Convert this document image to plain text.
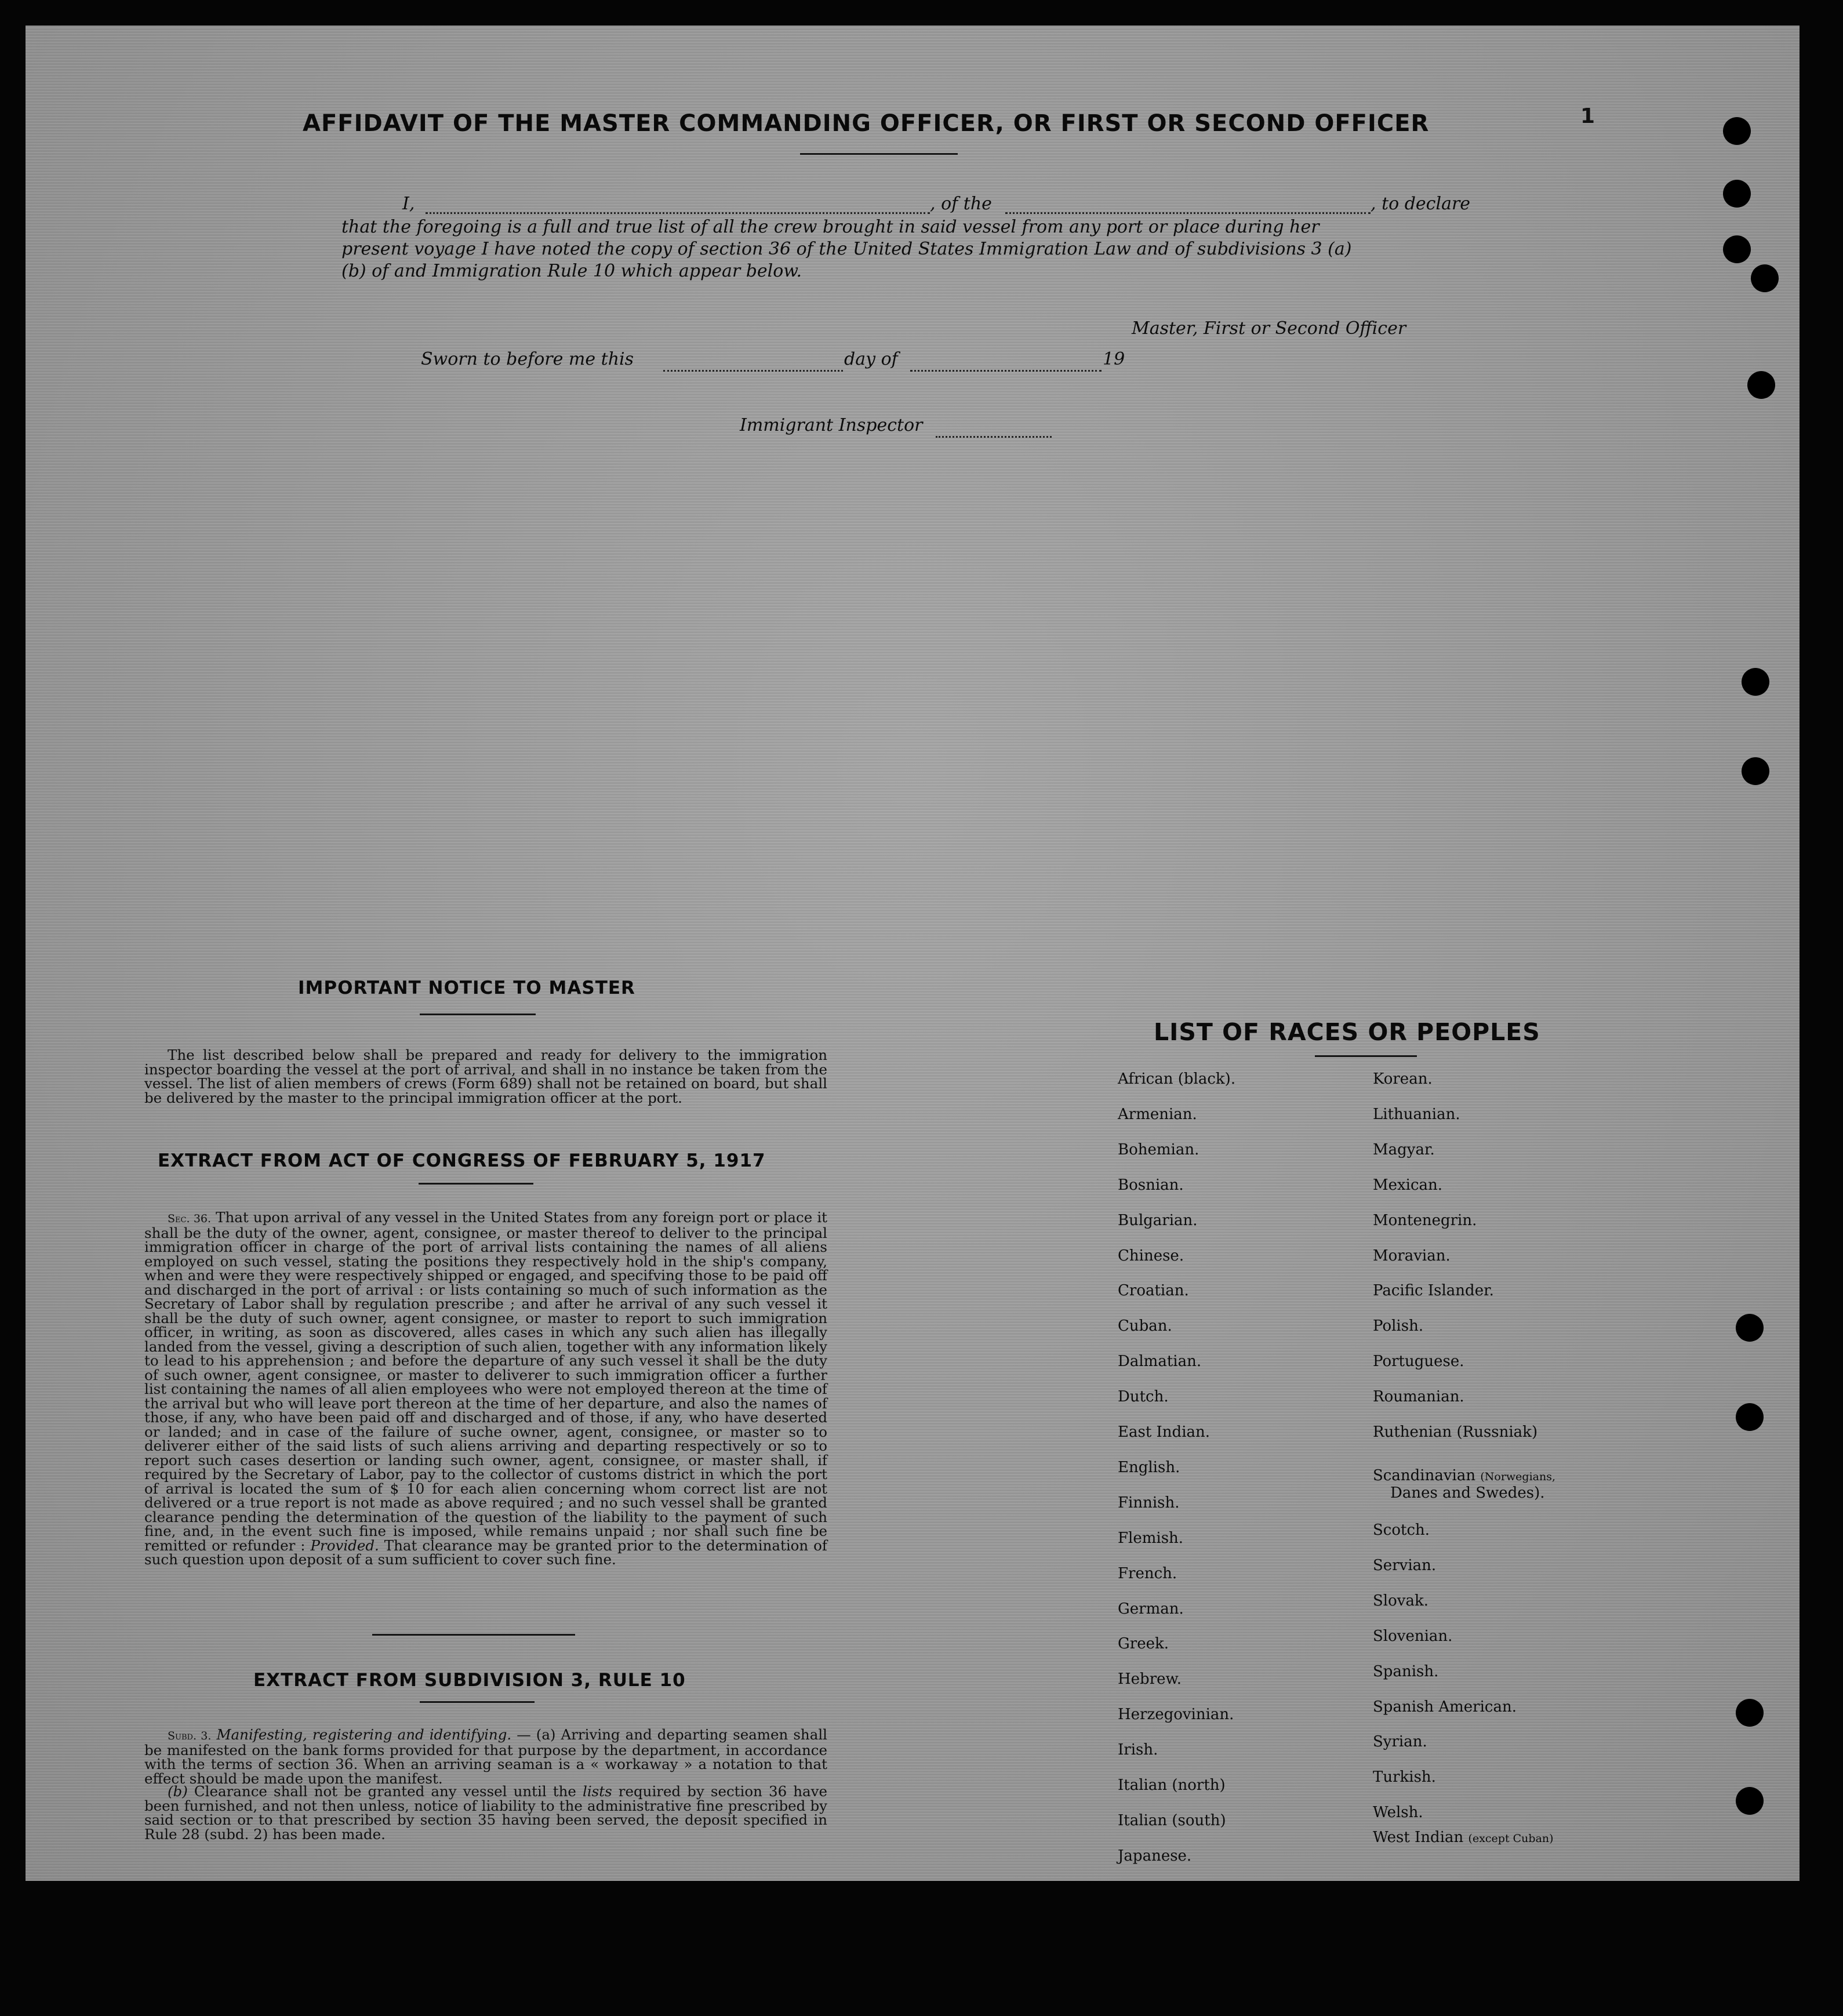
AFFIDAVIT OF THE MASTER COMMANDING OFFICER, OR FIRST OR SECOND OFFICER	1
I,	, of the	, to declare
that the foregoing is a full and true list of all the crew brought in said vessel from any port or place during her
present voyage I have noted the copy of section 36 of the United States Immigration Law and of subdivisions 3 (a)
(b) of and Immigration Rule 10 which appear below.
Master, First or Second Officer
Sworn to before me this	day of	19
Immigrant Inspector
IMPORTANT NOTICE TO MASTER
The list described below shall be prepared and ready for delivery to the immigration inspector boarding the vessel at the port of arrival, and shall in no instance be taken from the vessel. The list of alien members of crews (Form 689) shall not be retained on board, but shall be delivered by the master to the principal immigration officer at the port.
EXTRACT FROM ACT OF CONGRESS OF FEBRUARY 5, 1917
Sec. 36. That upon arrival of any vessel in the United States from any foreign port or place it shall be the duty of the owner, agent, consignee, or master thereof to deliver to the principal immigration officer in charge of the port of arrival lists containing the names of all aliens employed on such vessel, stating the positions they respectively hold in the ship's company, when and were they were respectively shipped or engaged, and specifving those to be paid off and discharged in the port of arrival : or lists containing so much of such information as the Secretary of Labor shall by regulation prescribe ; and after he arrival of any such vessel it shall be the duty of such owner, agent consignee, or master to report to such immigration officer, in writing, as soon as discovered, alles cases in which any such alien has illegally landed from the vessel, giving a description of such alien, together with any information likely to lead to his apprehension ; and before the departure of any such vessel it shall be the duty of such owner, agent consignee, or master to deliverer to such immigration officer a further list containing the names of all alien employees who were not employed thereon at the time of the arrival but who will leave port thereon at the time of her departure, and also the names of those, if any, who have been paid off and discharged and of those, if any, who have deserted or landed; and in case of the failure of suche owner, agent, consignee, or master so to deliverer either of the said lists of such aliens arriving and departing respectively or so to report such cases desertion or landing such owner, agent, consignee, or master shall, if required by the Secretary of Labor, pay to the collector of customs district in which the port of arrival is located the sum of $ 10 for each alien concerning whom correct list are not delivered or a true report is not made as above required ; and no such vessel shall be granted clearance pending the determination of the question of the liability to the payment of such fine, and, in the event such fine is imposed, while remains unpaid ; nor shall such fine be remitted or refunder : Provided. That clearance may be granted prior to the determination of such question upon deposit of a sum sufficient to cover such fine.
EXTRACT FROM SUBDIVISION 3, RULE 10
Subd. 3. Manifesting, registering and identifying. — (a) Arriving and departing seamen shall be manifested on the bank forms provided for that purpose by the department, in accordance with the terms of section 36. When an arriving seaman is a « workaway » a notation to that effect should be made upon the manifest.
(b) Clearance shall not be granted any vessel until the lists required by section 36 have been furnished, and not then unless, notice of liability to the administrative fine prescribed by said section or to that prescribed by section 35 having been served, the deposit specified in Rule 28 (subd. 2) has been made.
LIST OF RACES OR PEOPLES
African (black).
Armenian.
Bohemian.
Bosnian.
Bulgarian.
Chinese.
Croatian.
Cuban.
Dalmatian.
Dutch.
East Indian.
English.
Finnish.
Flemish.
French.
German.
Greek.
Hebrew.
Herzegovinian.
Irish.
Italian (north)
Italian (south)
Japanese.
Korean.
Lithuanian.
Magyar.
Mexican.
Montenegrin.
Moravian.
Pacific Islander.
Polish.
Portuguese.
Roumanian.
Ruthenian (Russniak)
Scandinavian (Norwegians,
Danes and Swedes).
Scotch.
Servian.
Slovak.
Slovenian.
Spanish.
Spanish American.
Syrian.
Turkish.
Welsh.
West Indian (except Cuban)
